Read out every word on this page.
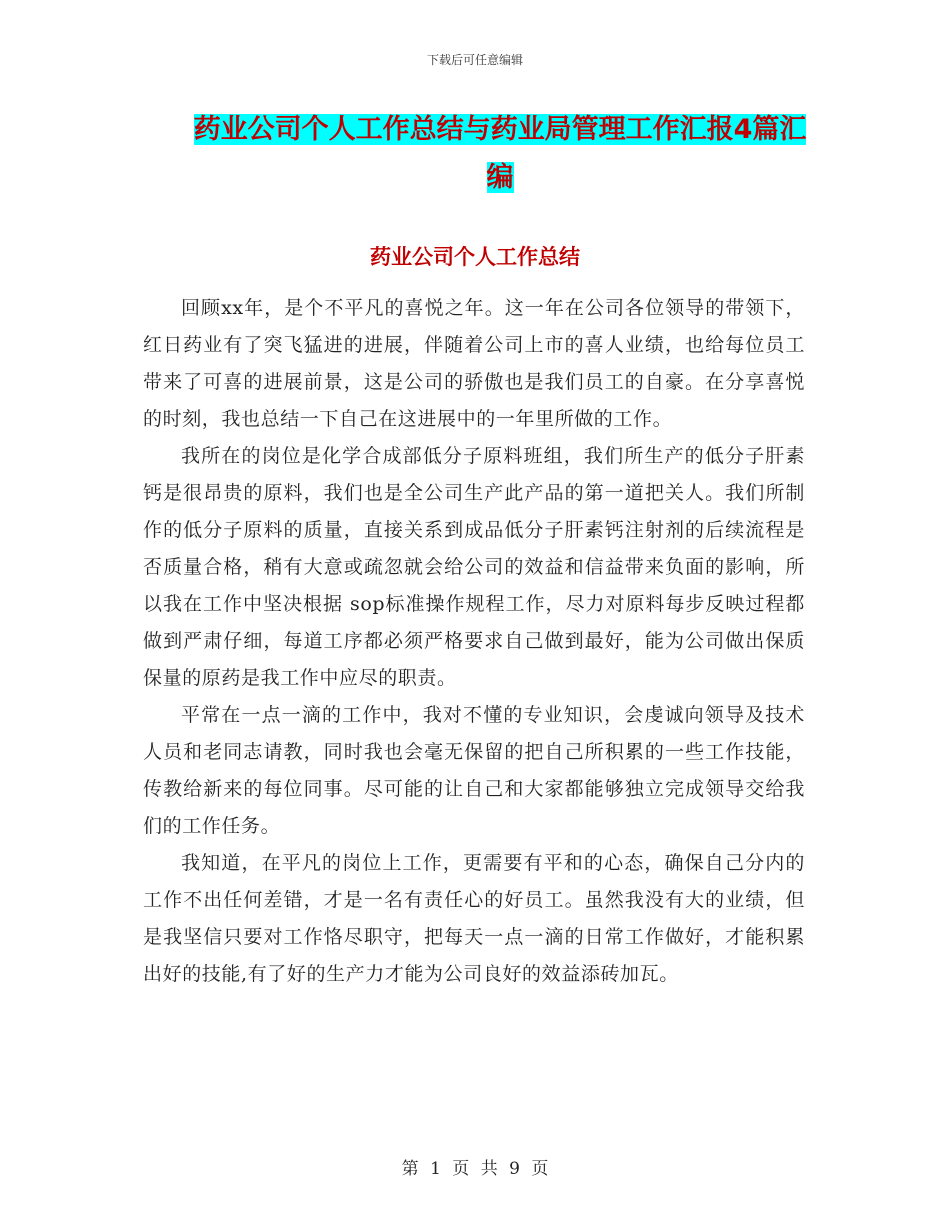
下载后可任意编辑
药业公司个人工作总结与药业局管理工作汇报4篇汇编
药业公司个人工作总结

回顾xx年，是个不平凡的喜悦之年。这一年在公司各位领导的带领下，红日药业有了突飞猛进的进展，伴随着公司上市的喜人业绩，也给每位员工带来了可喜的进展前景，这是公司的骄傲也是我们员工的自豪。在分享喜悦的时刻，我也总结一下自己在这进展中的一年里所做的工作。

我所在的岗位是化学合成部低分子原料班组，我们所生产的低分子肝素钙是很昂贵的原料，我们也是全公司生产此产品的第一道把关人。我们所制作的低分子原料的质量，直接关系到成品低分子肝素钙注射剂的后续流程是否质量合格，稍有大意或疏忽就会给公司的效益和信益带来负面的影响，所以我在工作中坚决根据 sop标准操作规程工作，尽力对原料每步反映过程都做到严肃仔细，每道工序都必须严格要求自己做到最好，能为公司做出保质保量的原药是我工作中应尽的职责。

平常在一点一滴的工作中，我对不懂的专业知识，会虔诚向领导及技术人员和老同志请教，同时我也会毫无保留的把自己所积累的一些工作技能，传教给新来的每位同事。尽可能的让自己和大家都能够独立完成领导交给我们的工作任务。

我知道，在平凡的岗位上工作，更需要有平和的心态，确保自己分内的工作不出任何差错，才是一名有责任心的好员工。虽然我没有大的业绩，但是我坚信只要对工作恪尽职守，把每天一点一滴的日常工作做好，才能积累出好的技能,有了好的生产力才能为公司良好的效益添砖加瓦。

第 1 页 共 9 页
